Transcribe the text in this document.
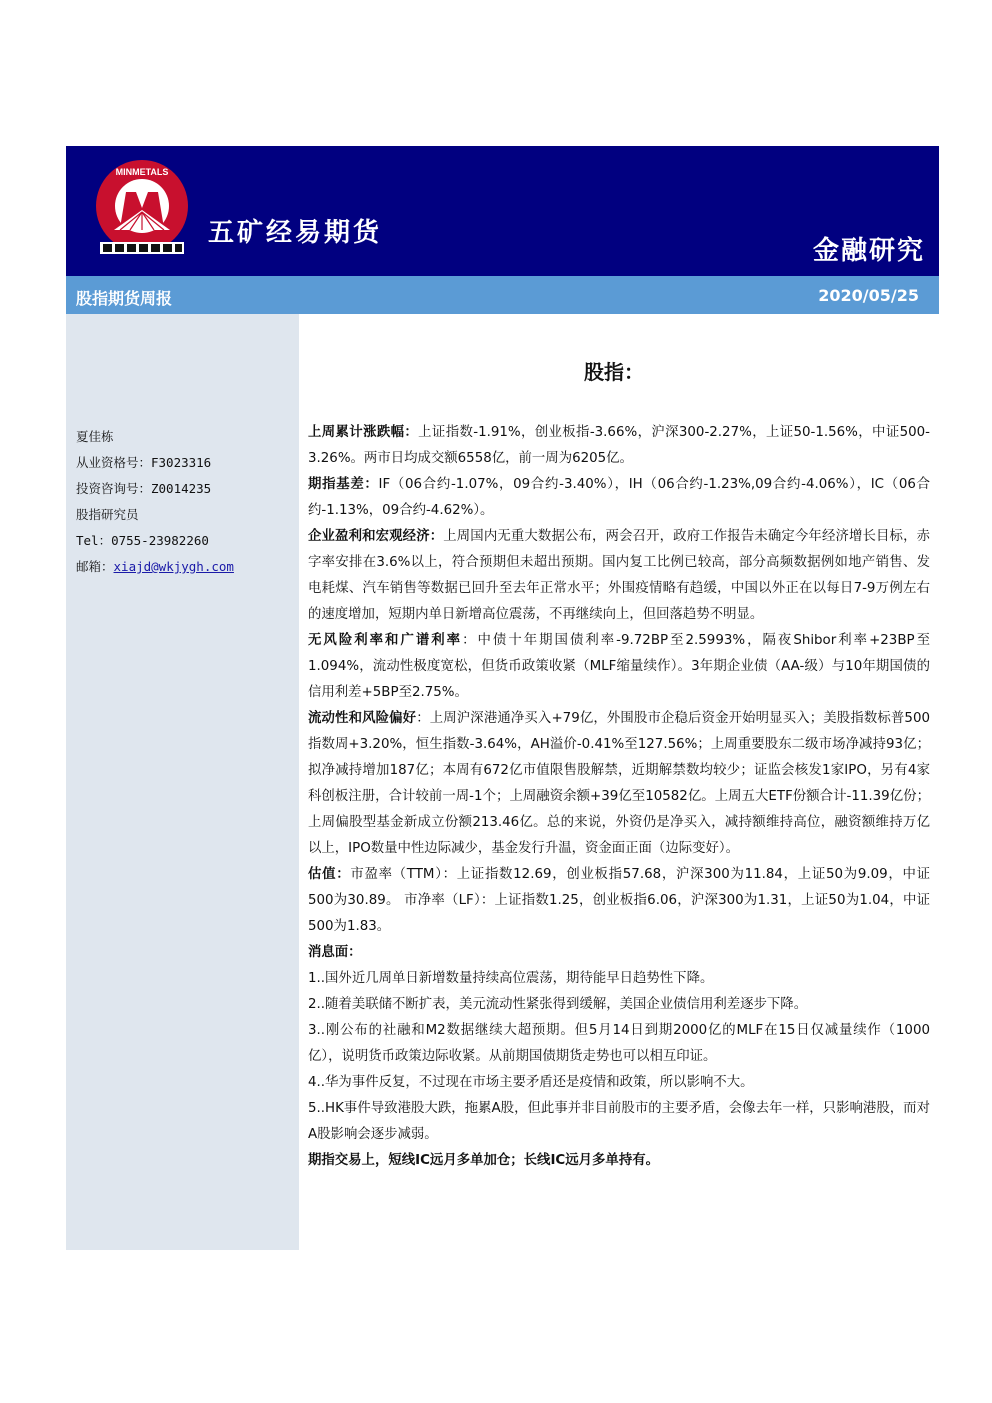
MINMETALS
五矿经易期货
金融研究
股指期货周报	2020/05/25
夏佳栋
从业资格号：F3023316
投资咨询号：Z0014235
股指研究员
Tel：0755-23982260
邮箱：xiajd@wkjygh.com
股指：

上周累计涨跌幅：上证指数-1.91%，创业板指-3.66%，沪深300-2.27%，上证50-1.56%，中证500-3.26%。两市日均成交额6558亿，前一周为6205亿。

期指基差：IF（06合约-1.07%，09合约-3.40%），IH（06合约-1.23%,09合约-4.06%），IC（06合约-1.13%，09合约-4.62%）。

企业盈利和宏观经济：上周国内无重大数据公布，两会召开，政府工作报告未确定今年经济增长目标，赤字率安排在3.6%以上，符合预期但未超出预期。国内复工比例已较高，部分高频数据例如地产销售、发电耗煤、汽车销售等数据已回升至去年正常水平；外围疫情略有趋缓，中国以外正在以每日7-9万例左右的速度增加，短期内单日新增高位震荡，不再继续向上，但回落趋势不明显。

无风险利率和广谱利率：中债十年期国债利率-9.72BP至2.5993%，隔夜Shibor利率+23BP至1.094%，流动性极度宽松，但货币政策收紧（MLF缩量续作）。3年期企业债（AA-级）与10年期国债的信用利差+5BP至2.75%。

流动性和风险偏好：上周沪深港通净买入+79亿，外围股市企稳后资金开始明显买入；美股指数标普500指数周+3.20%，恒生指数-3.64%，AH溢价-0.41%至127.56%；上周重要股东二级市场净减持93亿；拟净减持增加187亿；本周有672亿市值限售股解禁，近期解禁数均较少；证监会核发1家IPO，另有4家科创板注册，合计较前一周-1个；上周融资余额+39亿至10582亿。上周五大ETF份额合计-11.39亿份；上周偏股型基金新成立份额213.46亿。总的来说，外资仍是净买入，减持额维持高位，融资额维持万亿以上，IPO数量中性边际减少，基金发行升温，资金面正面（边际变好）。

估值：市盈率（TTM）：上证指数12.69，创业板指57.68，沪深300为11.84，上证50为9.09，中证500为30.89。 市净率（LF）：上证指数1.25，创业板指6.06，沪深300为1.31，上证50为1.04，中证500为1.83。

消息面：

1..国外近几周单日新增数量持续高位震荡，期待能早日趋势性下降。

2..随着美联储不断扩表，美元流动性紧张得到缓解，美国企业债信用利差逐步下降。

3..刚公布的社融和M2数据继续大超预期。但5月14日到期2000亿的MLF在15日仅减量续作（1000亿），说明货币政策边际收紧。从前期国债期货走势也可以相互印证。

4..华为事件反复，不过现在市场主要矛盾还是疫情和政策，所以影响不大。

5..HK事件导致港股大跌，拖累A股，但此事并非目前股市的主要矛盾，会像去年一样，只影响港股，而对A股影响会逐步减弱。

期指交易上，短线IC远月多单加仓；长线IC远月多单持有。
